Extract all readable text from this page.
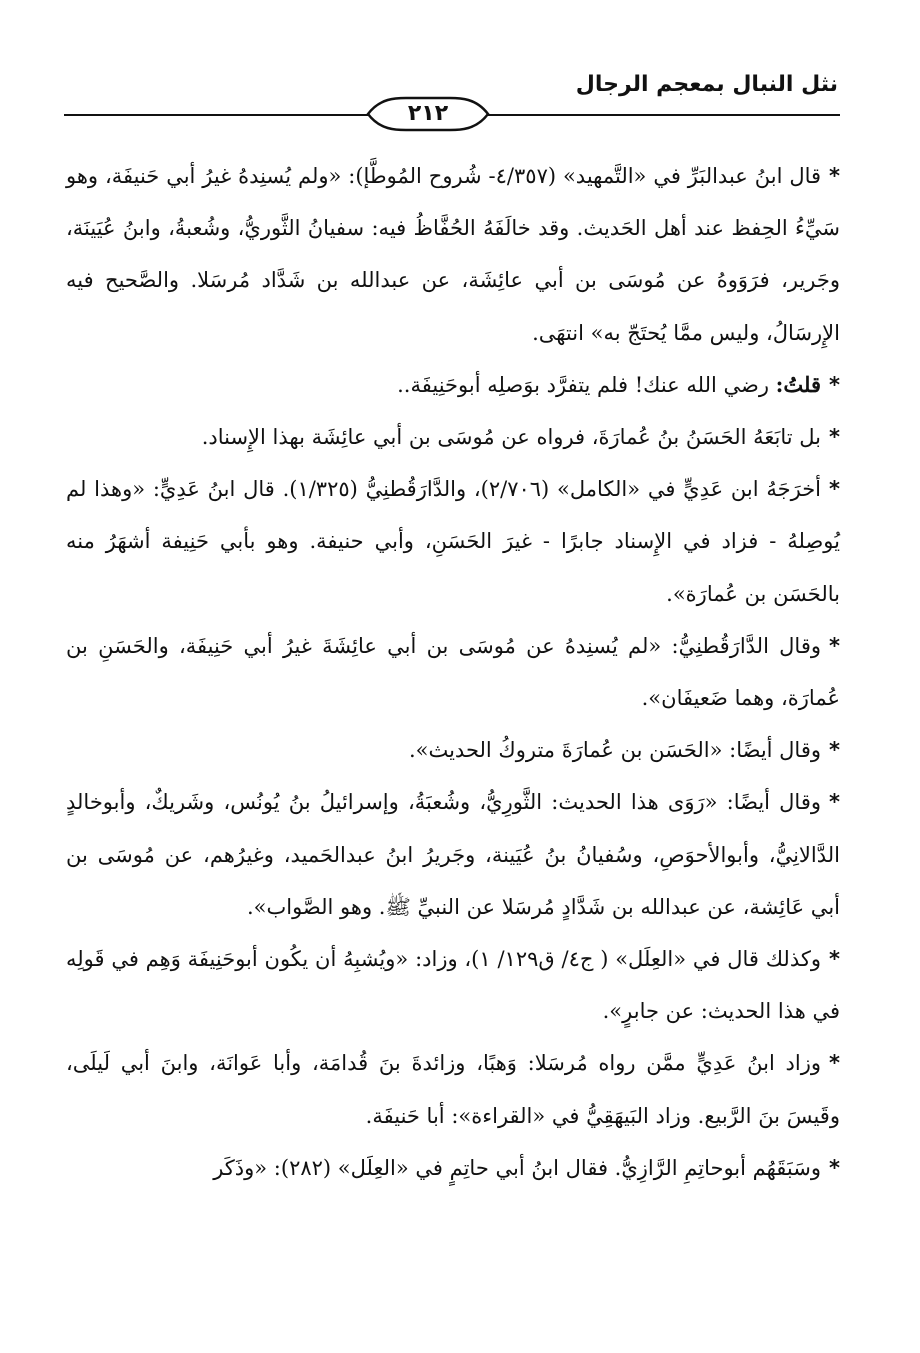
نثل النبال بمعجم الرجال
٢١٢

*قال ابنُ عبدالبَرِّ في «التَّمهيد» (٤/٣٥٧- شُروح المُوطَّإ): «ولم يُسنِدهُ غيرُ أبي حَنيفَة، وهو سَيِّءُ الحِفظ عند أهل الحَديث. وقد خالَفَهُ الحُفَّاظُ فيه: سفيانُ الثَّوريُّ، وشُعبةُ، وابنُ عُيَينَة، وجَرير، فرَوَوهُ عن مُوسَى بن أبي عائِشَة، عن عبدالله بن شَدَّاد مُرسَلا. والصَّحيح فيه الإِرسَالُ، وليس ممَّا يُحتَجّ به» انتهَى.

*قلتُ: رضي الله عنك! فلم يتفرَّد بوَصلِه أبوحَنِيفَة..

*بل تابَعَهُ الحَسَنُ بنُ عُمارَةَ، فرواه عن مُوسَى بن أبي عائِشَة بهذا الإِسناد.

*أخرَجَهُ ابن عَدِيٍّ في «الكامل» (٢/٧٠٦)، والدَّارَقُطنِيُّ (١/٣٢٥). قال ابنُ عَدِيٍّ: «وهذا لم يُوصِلهُ - فزاد في الإِسناد جابرًا - غيرَ الحَسَنِ، وأبي حنيفة. وهو بأبي حَنِيفة أشهَرُ منه بالحَسَن بن عُمارَة».

*وقال الدَّارَقُطنِيُّ: «لم يُسنِدهُ عن مُوسَى بن أبي عائِشَةَ غيرُ أبي حَنِيفَة، والحَسَنِ بن عُمارَة، وهما ضَعيفَان».

*وقال أيضًا: «الحَسَن بن عُمارَةَ متروكُ الحديث».

*وقال أيضًا: «رَوَى هذا الحديث: الثَّورِيُّ، وشُعبَةُ، وإسرائيلُ بنُ يُونُس، وشَريكٌ، وأبوخالدٍ الدَّالانِيُّ، وأبوالأحوَصِ، وسُفيانُ بنُ عُيَينة، وجَريرُ ابنُ عبدالحَميد، وغيرُهم، عن مُوسَى بن أبي عَائِشة، عن عبدالله بن شَدَّادٍ مُرسَلا عن النبيِّ ﷺ. وهو الصَّواب».

*وكذلك قال في «العِلَل» ( ج٤/ ق١٢٩/ ١)، وزاد: «ويُشبِهُ أن يكُون أبوحَنِيفَة وَهِم في قَولِه في هذا الحديث: عن جابرٍ».

*وزاد ابنُ عَدِيٍّ ممَّن رواه مُرسَلا: وَهبًا، وزائدةَ بنَ قُدامَة، وأبا عَوانَة، وابنَ أبي لَيلَى، وقَيسَ بنَ الرَّبيع. وزاد البَيهَقِيُّ في «القراءة»: أبا حَنيفَة.

*وسَبَقَهُم أبوحاتِمِ الرَّازِيُّ. فقال ابنُ أبي حاتِمٍ في «العِلَل» (٢٨٢): «وذَكَر
